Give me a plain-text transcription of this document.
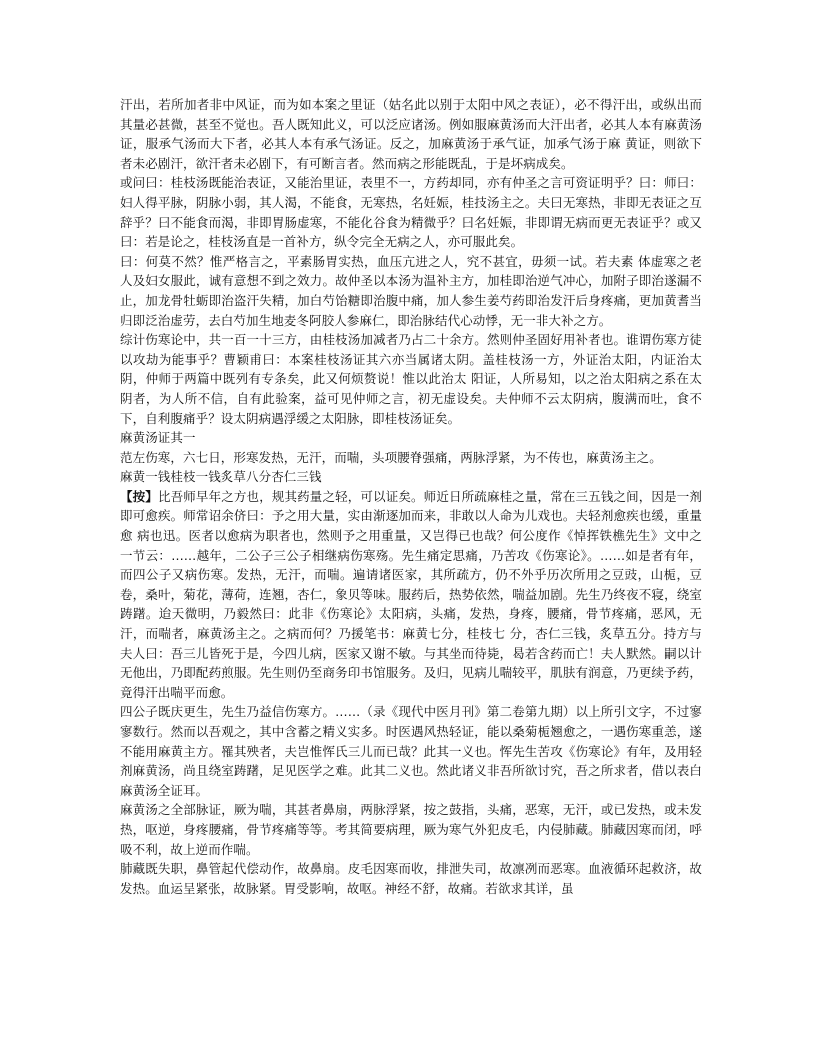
汗出，若所加者非中风证，而为如本案之里证（姑名此以别于太阳中风之表证），必不得汗出，或纵出而其量必甚微，甚至不觉也。吾人既知此义，可以泛应诸汤。例如服麻黄汤而大汗出者，必其人本有麻黄汤证，服承气汤而大下者，必其人本有承气汤证。反之，加麻黄汤于承气证，加承气汤于麻 黄证，则欲下者未必剧汗，欲汗者未必剧下，有可断言者。然而病之形能既乱，于是坏病成矣。

或问曰：桂枝汤既能治表证，又能治里证，表里不一，方药却同，亦有仲圣之言可资证明乎？曰：师曰：妇人得平脉，阴脉小弱，其人渴，不能食，无寒热，名妊娠，桂技汤主之。夫曰无寒热，非即无表证之互辞乎？曰不能食而渴，非即胃肠虚寒，不能化谷食为精微乎？曰名妊娠，非即谓无病而更无表证乎？或又曰：若是论之，桂枝汤直是一首补方，纵令完全无病之人，亦可服此矣。

曰：何莫不然？惟严格言之，平素肠胃实热，血压亢进之人，究不甚宜，毋须一试。若夫素 体虚寒之老人及妇女服此，诚有意想不到之效力。故仲圣以本汤为温补主方，加桂即治逆气冲心，加附子即治遂漏不止，加龙骨牡蛎即治盗汗失精，加白芍饴糖即治腹中痛，加人参生姜芍药即治发汗后身疼痛，更加黄耆当归即泛治虚劳，去白芍加生地麦冬阿胶人参麻仁，即治脉结代心动悸，无一非大补之方。

综计伤寒论中，共一百一十三方，由桂枝汤加减者乃占二十余方。然则仲圣固好用补者也。谁谓伤寒方徒以攻劫为能事乎？曹颖甫曰：本案桂枝汤证其六亦当属诸太阴。盖桂枝汤一方，外证治太阳，内证治太阴，仲师于两篇中既列有专条矣，此又何烦赘说！惟以此治太 阳证，人所易知，以之治太阳病之系在太阴者，为人所不信，自有此验案，益可见仲师之言，初无虚设矣。夫仲师不云太阴病，腹满而吐，食不下，自利腹痛乎？设太阴病遇浮缓之太阳脉，即桂枝汤证矣。

麻黄汤证其一

范左伤寒，六七日，形寒发热，无汗，而喘，头项腰脊强痛，两脉浮紧，为不传也，麻黄汤主之。

麻黄一钱桂枝一钱炙草八分杏仁三钱

【按】比吾师早年之方也，规其药量之轻，可以证矣。师近日所疏麻桂之量，常在三五钱之间，因是一剂即可愈疾。师常诏余侪曰：予之用大量，实由渐逐加而来，非敢以人命为儿戏也。夫轻剂愈疾也缓，重量愈 病也迅。医者以愈病为职者也，然则予之用重量，又岂得已也哉？何公度作《悼挥铁樵先生》文中之一节云：……越年，二公子三公子相继病伤寒殇。先生痛定思痛，乃苦攻《伤寒论》。……如是者有年，而四公子又病伤寒。发热，无汗，而喘。遍请诸医家，其所疏方，仍不外乎历次所用之豆豉，山栀，豆卷，桑叶，菊花，薄荷，连翘，杏仁，象贝等味。服药后，热势依然，喘益加剧。先生乃终夜不寝，绕室踌躇。迨天微明，乃毅然曰：此非《伤寒论》太阳病，头痛，发热，身疼，腰痛，骨节疼痛，恶风，无汗，而喘者，麻黄汤主之。之病而何？乃援笔书：麻黄七分，桂枝七 分，杏仁三钱，炙草五分。持方与夫人曰：吾三儿皆死于是，今四儿病，医家又谢不敏。与其坐而待毙，曷若含药而亡！夫人默然。嗣以计无他出，乃即配药煎服。先生则仍至商务印书馆服务。及归，见病儿喘较平，肌肤有润意，乃更续予药，竟得汗出喘平而愈。

四公子既庆更生，先生乃益信伤寒方。……（录《现代中医月刊》第二卷第九期）以上所引文字，不过寥寥数行。然而以吾观之，其中含蓄之精义实多。时医遇风热轻证，能以桑菊栀翘愈之，一遇伤寒重恙，遂不能用麻黄主方。罹其殃者，夫岂惟恽氏三儿而已哉？此其一义也。恽先生苦攻《伤寒论》有年，及用轻 剂麻黄汤，尚且绕室踌躇，足见医学之难。此其二义也。然此诸义非吾所欲讨究，吾之所求者，借以表白麻黄汤全证耳。

麻黄汤之全部脉证，厥为喘，其甚者鼻扇，两脉浮紧，按之鼓指，头痛，恶寒，无汗，或已发热，或未发热，呕逆，身疼腰痛，骨节疼痛等等。考其简要病理，厥为寒气外犯皮毛，内侵肺藏。肺藏因寒而闭，呼吸不利，故上逆而作喘。

肺藏既失职，鼻管起代偿动作，故鼻扇。皮毛因寒而收，排泄失司，故凛冽而恶寒。血液循环起救济，故发热。血运呈紧张，故脉紧。胃受影响，故呕。神经不舒，故痛。若欲求其详，虽
